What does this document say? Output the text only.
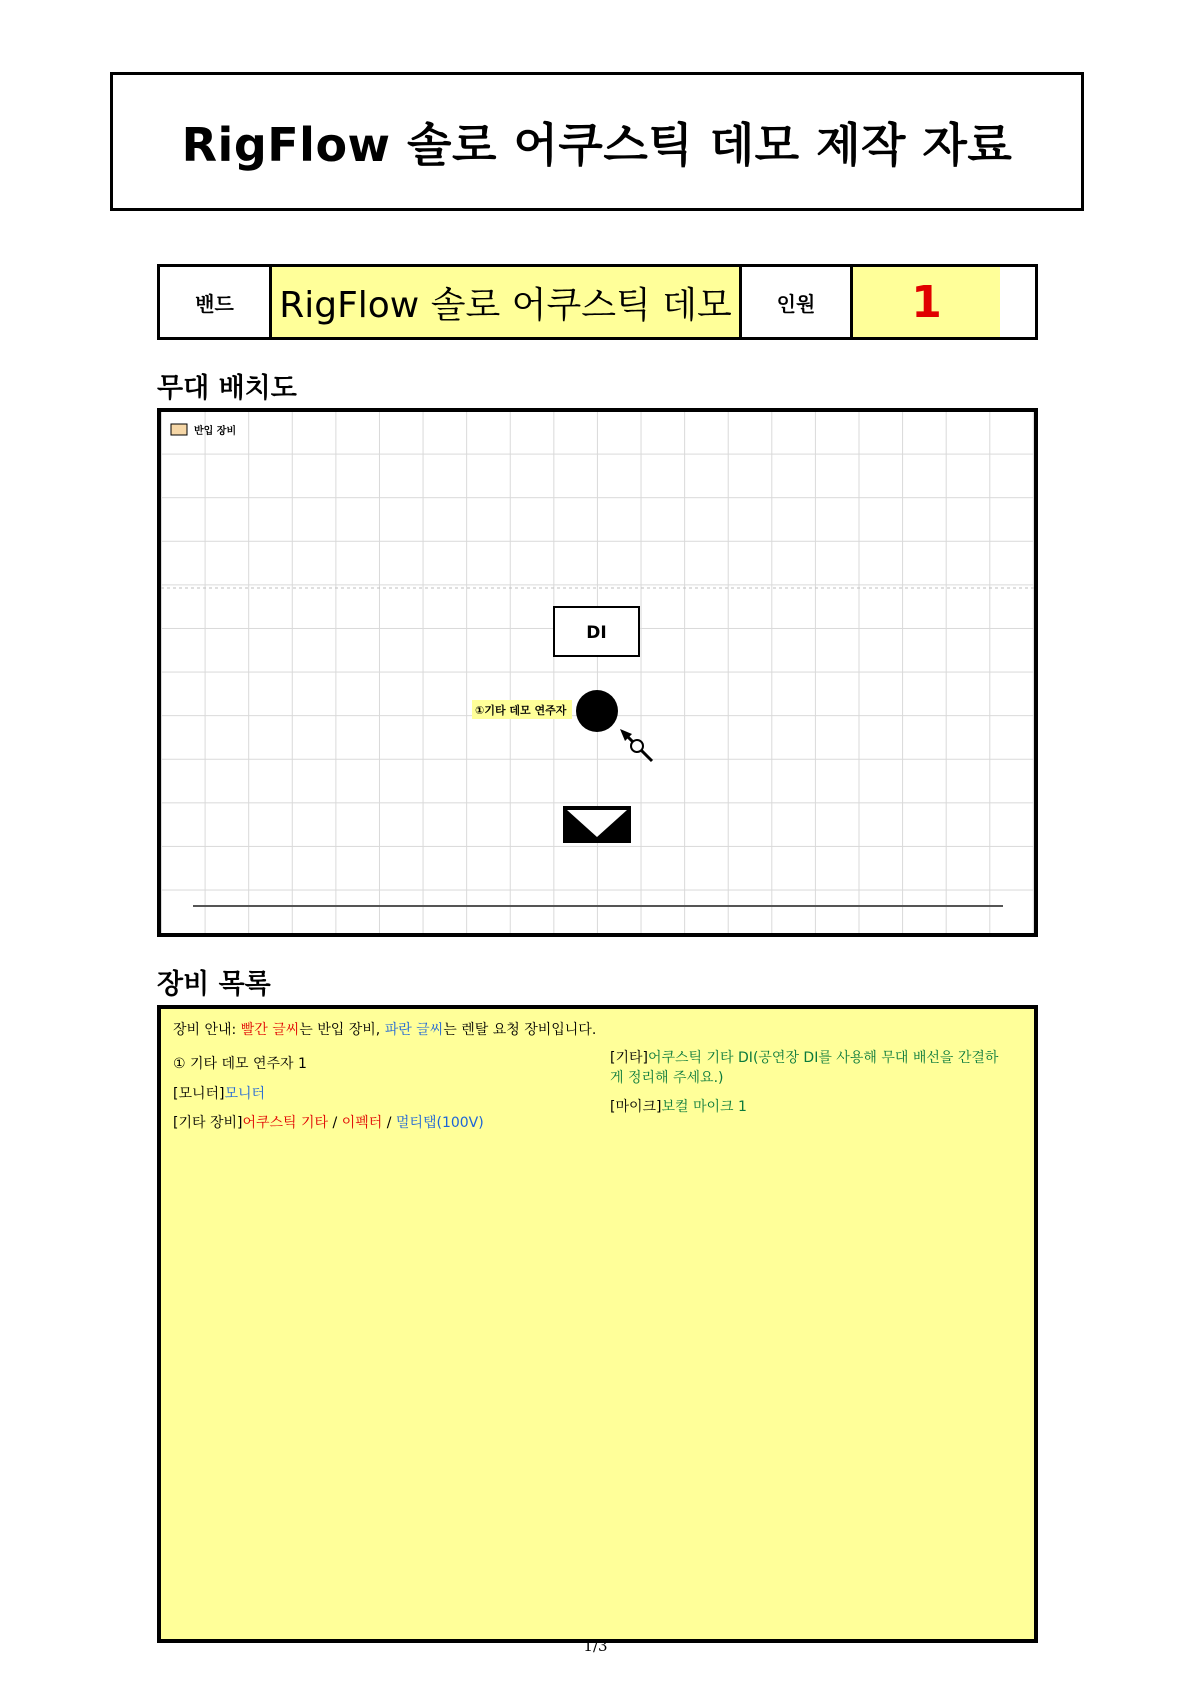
RigFlow 솔로 어쿠스틱 데모 제작 자료
밴드	RigFlow 솔로 어쿠스틱 데모	인원	1
무대 배치도
반입 장비
DI
①기타 데모 연주자
장비 목록
장비 안내: 빨간 글씨는 반입 장비, 파란 글씨는 렌탈 요청 장비입니다.

① 기타 데모 연주자 1

[모니터]모니터

[기타 장비]어쿠스틱 기타 / 이펙터 / 멀티탭(100V)

[기타]어쿠스틱 기타 DI(공연장 DI를 사용해 무대 배선을 간결하게 정리해 주세요.)

[마이크]보컬 마이크 1

1/3
